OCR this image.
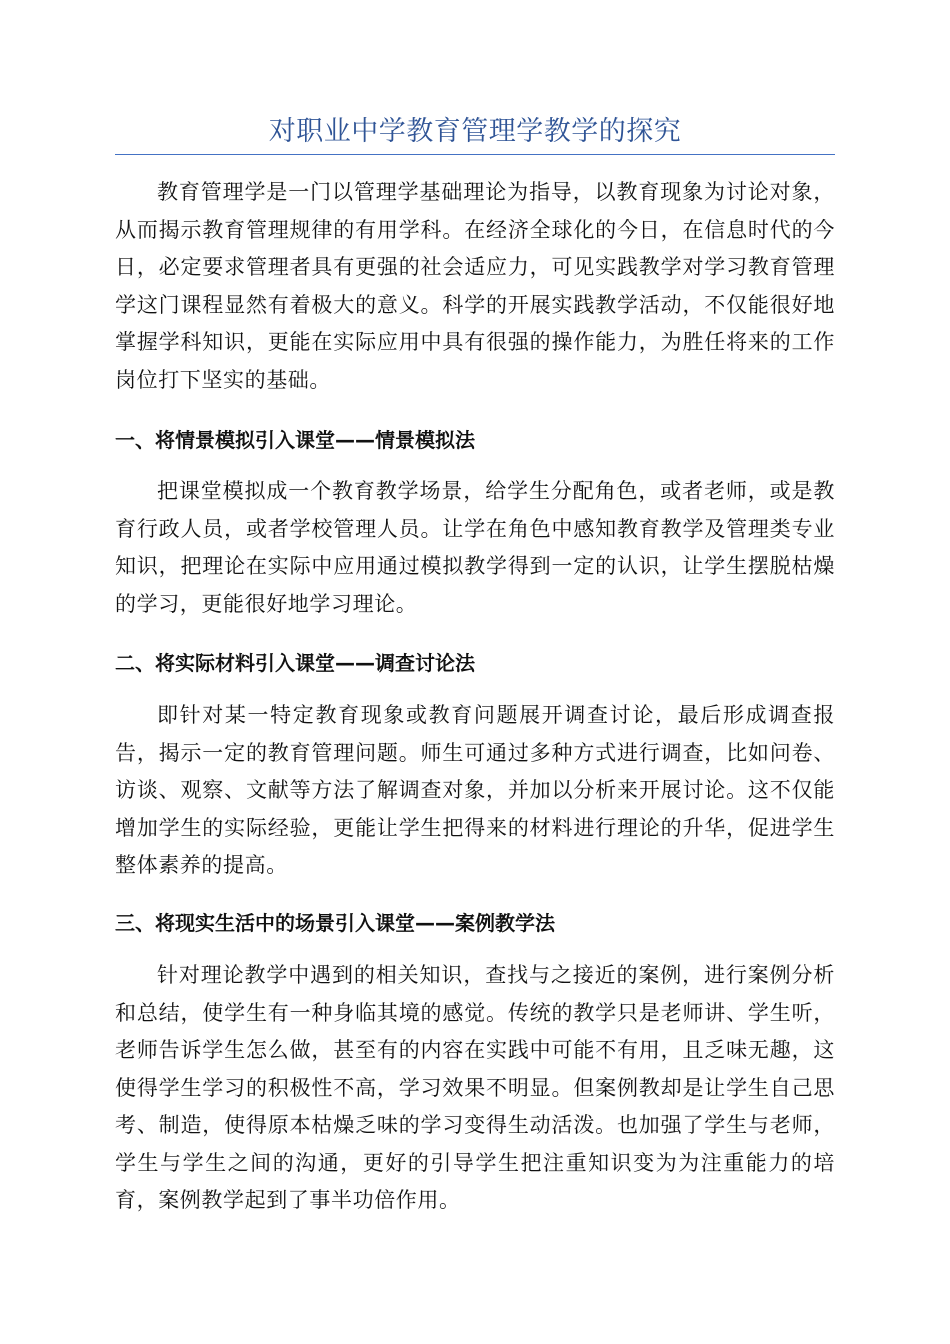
对职业中学教育管理学教学的探究

教育管理学是一门以管理学基础理论为指导，以教育现象为讨论对象，从而揭示教育管理规律的有用学科。在经济全球化的今日，在信息时代的今日，必定要求管理者具有更强的社会适应力，可见实践教学对学习教育管理学这门课程显然有着极大的意义。科学的开展实践教学活动，不仅能很好地掌握学科知识，更能在实际应用中具有很强的操作能力，为胜任将来的工作岗位打下坚实的基础。

一、将情景模拟引入课堂——情景模拟法

把课堂模拟成一个教育教学场景，给学生分配角色，或者老师，或是教育行政人员，或者学校管理人员。让学在角色中感知教育教学及管理类专业知识，把理论在实际中应用通过模拟教学得到一定的认识，让学生摆脱枯燥的学习，更能很好地学习理论。

二、将实际材料引入课堂——调查讨论法

即针对某一特定教育现象或教育问题展开调查讨论，最后形成调查报告，揭示一定的教育管理问题。师生可通过多种方式进行调查，比如问卷、访谈、观察、文献等方法了解调查对象，并加以分析来开展讨论。这不仅能增加学生的实际经验，更能让学生把得来的材料进行理论的升华，促进学生整体素养的提高。

三、将现实生活中的场景引入课堂——案例教学法

针对理论教学中遇到的相关知识，查找与之接近的案例，进行案例分析和总结，使学生有一种身临其境的感觉。传统的教学只是老师讲、学生听，老师告诉学生怎么做，甚至有的内容在实践中可能不有用，且乏味无趣，这使得学生学习的积极性不高，学习效果不明显。但案例教却是让学生自己思考、制造，使得原本枯燥乏味的学习变得生动活泼。也加强了学生与老师，学生与学生之间的沟通，更好的引导学生把注重知识变为为注重能力的培育，案例教学起到了事半功倍作用。
